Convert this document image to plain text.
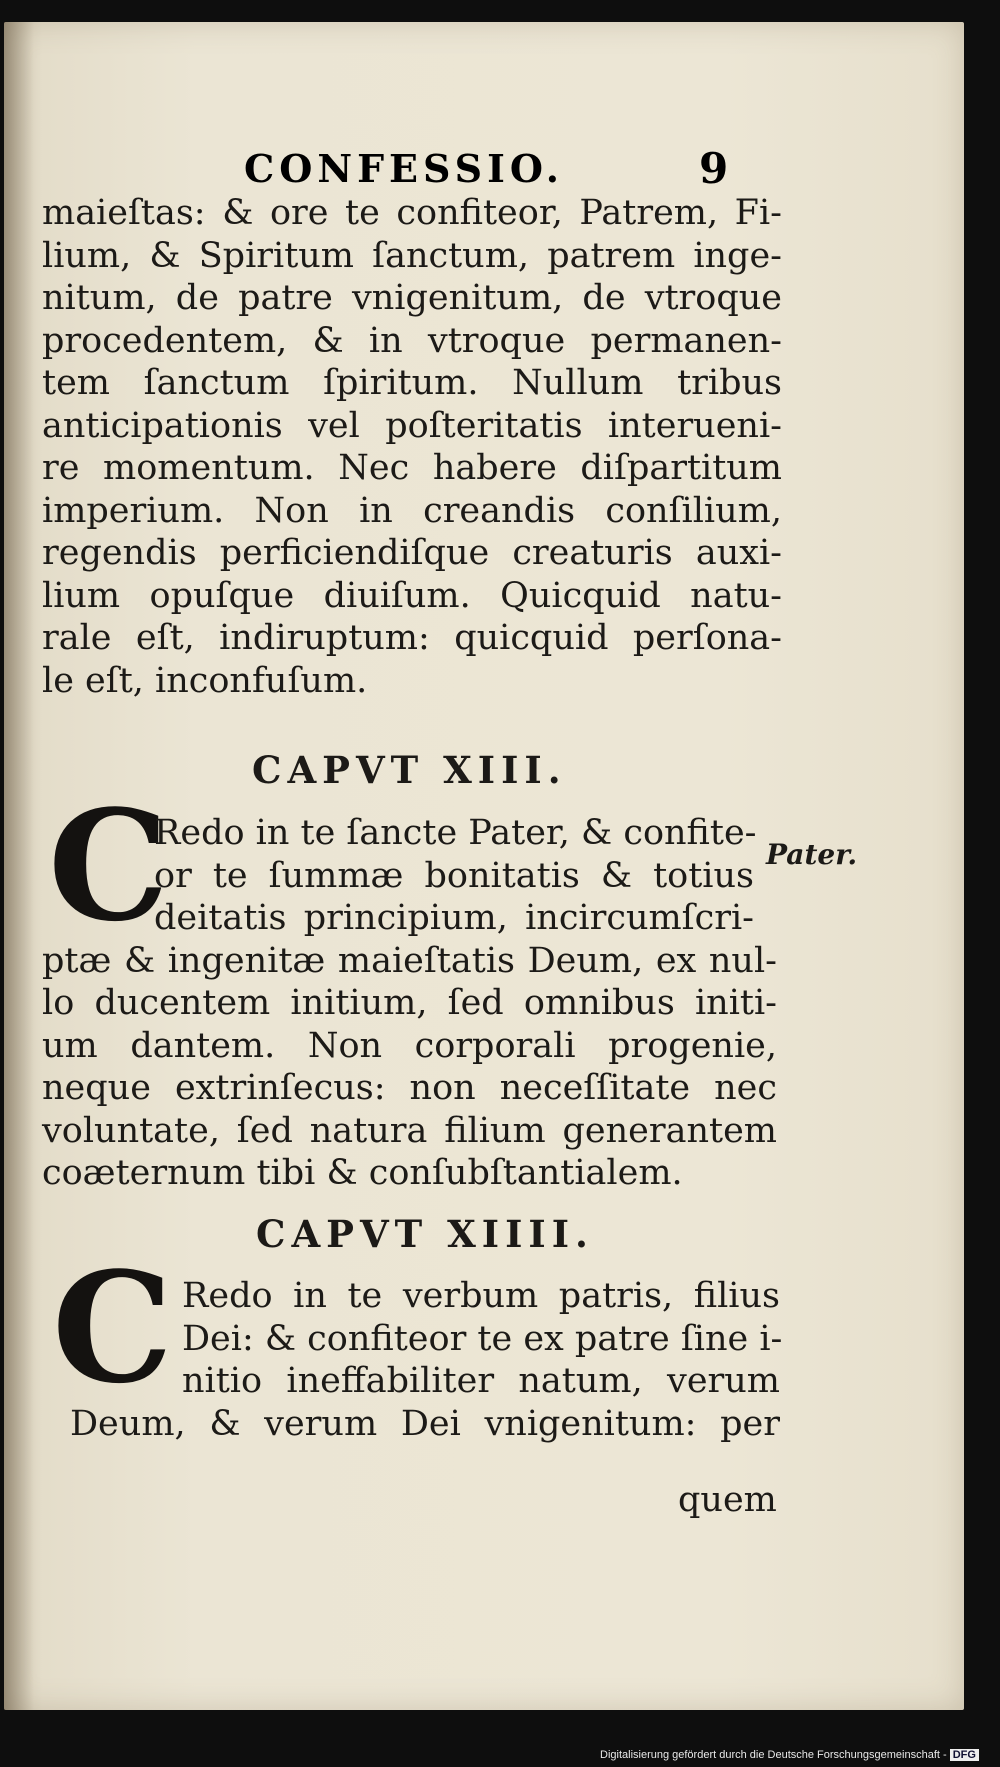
CONFESSIO.	9
maieſtas: & ore te confiteor, Patrem, Fi-
lium, & Spiritum ſanctum, patrem inge-
nitum, de patre vnigenitum, de vtroque
procedentem, & in vtroque permanen-
tem ſanctum ſpiritum. Nullum tribus
anticipationis vel poſteritatis interueni-
re momentum. Nec habere diſpartitum
imperium. Non in creandis conſilium,
regendis perficiendiſque creaturis auxi-
lium opuſque diuiſum. Quicquid natu-
rale eſt, indiruptum: quicquid perſona-
le eſt, inconfuſum.
CAPVT XIII.
C	Pater.
Redo in te ſancte Pater, & confite-
or te ſummæ bonitatis & totius
deitatis principium, incircumſcri-
ptæ & ingenitæ maieſtatis Deum, ex nul-
lo ducentem initium, ſed omnibus initi-
um dantem. Non corporali progenie,
neque extrinſecus: non neceſſitate nec
voluntate, ſed natura filium generantem
coæternum tibi & conſubſtantialem.
CAPVT XIIII.
C Redo in te verbum patris, filius
Dei: & confiteor te ex patre ſine i-
nitio ineffabiliter natum, verum
Deum, & verum Dei vnigenitum: per
quem
Digitalisierung gefördert durch die Deutsche Forschungsgemeinschaft - DFG
